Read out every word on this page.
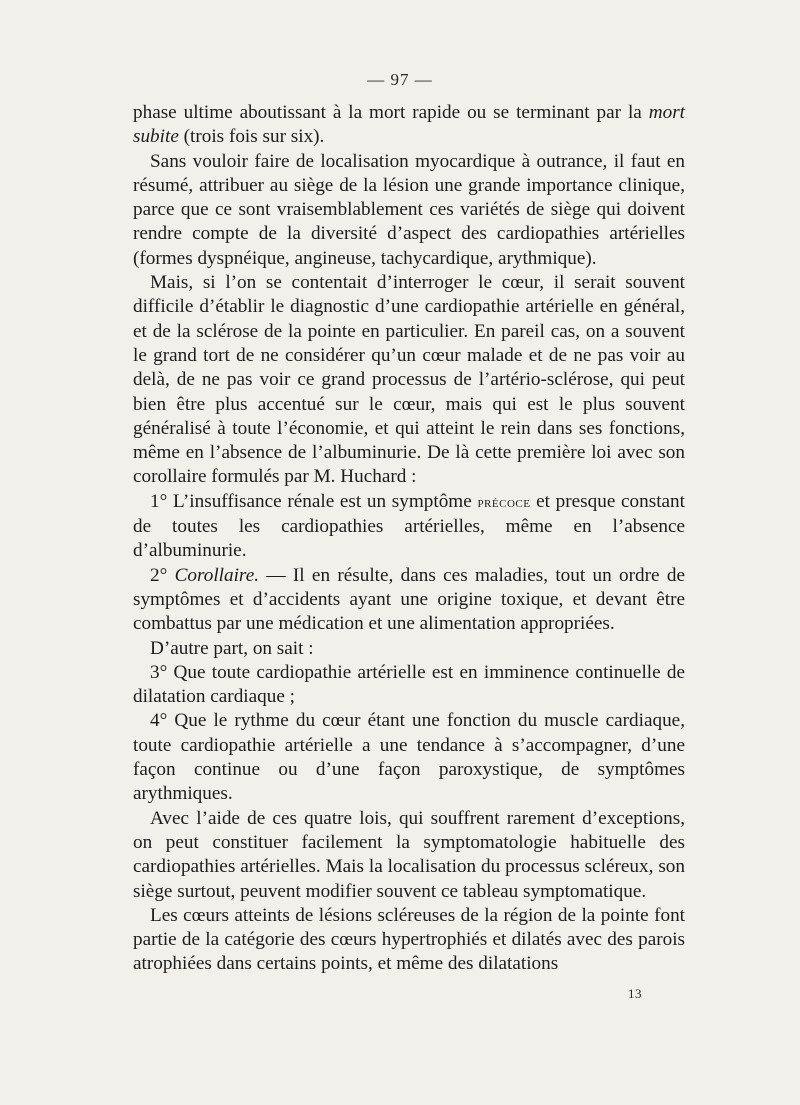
— 97 —

phase ultime aboutissant à la mort rapide ou se terminant par la mort subite (trois fois sur six).

Sans vouloir faire de localisation myocardique à outrance, il faut en résumé, attribuer au siège de la lésion une grande importance clinique, parce que ce sont vraisemblablement ces variétés de siège qui doivent rendre compte de la diversité d’aspect des cardiopathies artérielles (formes dyspnéique, angineuse, tachycardique, arythmique).

Mais, si l’on se contentait d’interroger le cœur, il serait souvent difficile d’établir le diagnostic d’une cardiopathie artérielle en général, et de la sclérose de la pointe en particulier. En pareil cas, on a souvent le grand tort de ne considérer qu’un cœur malade et de ne pas voir au delà, de ne pas voir ce grand processus de l’artério-sclérose, qui peut bien être plus accentué sur le cœur, mais qui est le plus souvent généralisé à toute l’économie, et qui atteint le rein dans ses fonctions, même en l’absence de l’albuminurie. De là cette première loi avec son corollaire formulés par M. Huchard :

1° L’insuffisance rénale est un symptôme précoce et presque constant de toutes les cardiopathies artérielles, même en l’absence d’albuminurie.

2° Corollaire. — Il en résulte, dans ces maladies, tout un ordre de symptômes et d’accidents ayant une origine toxique, et devant être combattus par une médication et une alimentation appropriées.

D’autre part, on sait :

3° Que toute cardiopathie artérielle est en imminence continuelle de dilatation cardiaque ;

4° Que le rythme du cœur étant une fonction du muscle cardiaque, toute cardiopathie artérielle a une tendance à s’accompagner, d’une façon continue ou d’une façon paroxystique, de symptômes arythmiques.

Avec l’aide de ces quatre lois, qui souffrent rarement d’exceptions, on peut constituer facilement la symptomatologie habituelle des cardiopathies artérielles. Mais la localisation du processus scléreux, son siège surtout, peuvent modifier souvent ce tableau symptomatique.

Les cœurs atteints de lésions scléreuses de la région de la pointe font partie de la catégorie des cœurs hypertrophiés et dilatés avec des parois atrophiées dans certains points, et même des dilatations

13
